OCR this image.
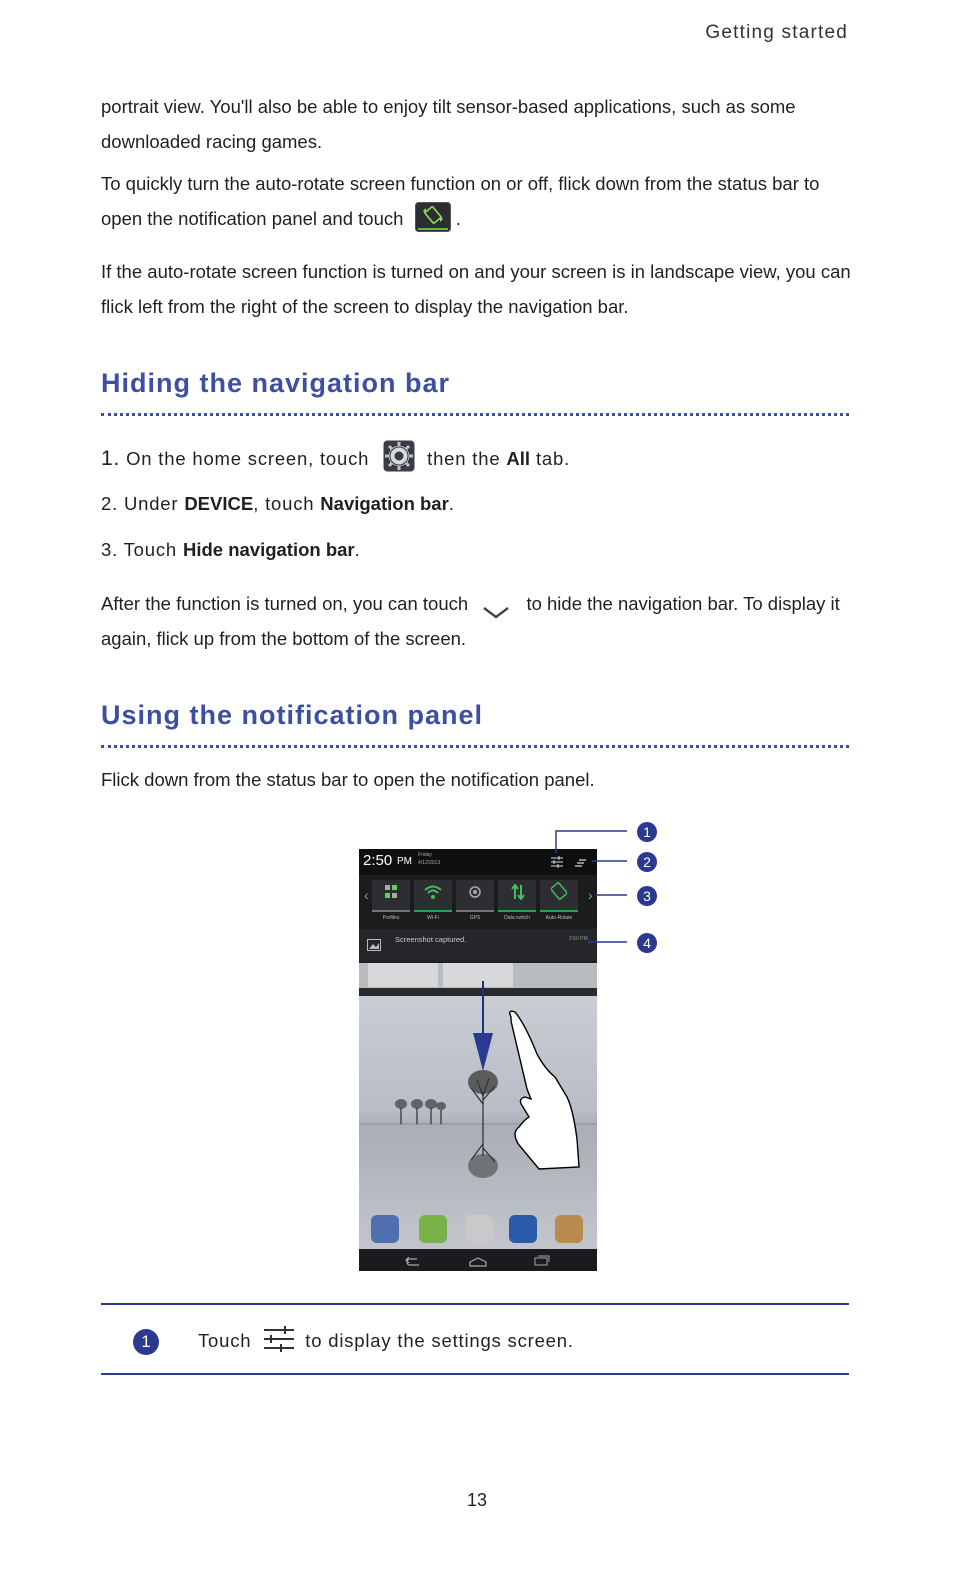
Getting started
portrait view. You'll also be able to enjoy tilt sensor-based applications, such as some downloaded racing games.
To quickly turn the auto-rotate screen function on or off, flick down from the status bar to open the notification panel and touch	.
If the auto-rotate screen function is turned on and your screen is in landscape view, you can flick left from the right of the screen to display the navigation bar.
Hiding the navigation bar
1. On the home screen, touch	then the All tab.
2. Under DEVICE, touch Navigation bar.
3. Touch Hide navigation bar.
After the function is turned on, you can touch	to hide the navigation bar. To display it again, flick up from the bottom of the screen.
Using the notification panel
Flick down from the status bar to open the notification panel.
2:50 PM
Friday
4/12/2013
‹	›
Profiles	Wi-Fi	GPS	Data switch	Auto-Rotate
Screenshot captured.	2:50 PM
1
2
3
4
1	Touch	to display the settings screen.
13
